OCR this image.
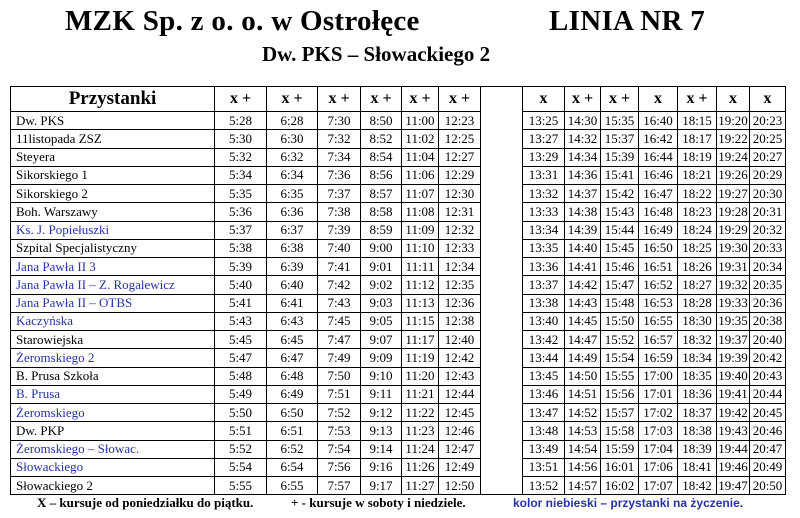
MZK Sp. z o. o. w Ostrołęce	LINIA NR 7
Dw. PKS – Słowackiego 2
Przystanki	x +	x +	x +	x +	x +	x +		x	x +	x +	x	x +	x	x
Dw. PKS	5:28	6:28	7:30	8:50	11:00	12:23		13:25	14:30	15:35	16:40	18:15	19:20	20:23
11listopada ZSZ	5:30	6:30	7:32	8:52	11:02	12:25		13:27	14:32	15:37	16:42	18:17	19:22	20:25
Steyera	5:32	6:32	7:34	8:54	11:04	12:27		13:29	14:34	15:39	16:44	18:19	19:24	20:27
Sikorskiego 1	5:34	6:34	7:36	8:56	11:06	12:29		13:31	14:36	15:41	16:46	18:21	19:26	20:29
Sikorskiego 2	5:35	6:35	7:37	8:57	11:07	12:30		13:32	14:37	15:42	16:47	18:22	19:27	20:30
Boh. Warszawy	5:36	6:36	7:38	8:58	11:08	12:31		13:33	14:38	15:43	16:48	18:23	19:28	20:31
Ks. J. Popiełuszki	5:37	6:37	7:39	8:59	11:09	12:32		13:34	14:39	15:44	16:49	18:24	19:29	20:32
Szpital Specjalistyczny	5:38	6:38	7:40	9:00	11:10	12:33		13:35	14:40	15:45	16:50	18:25	19:30	20:33
Jana Pawła II 3	5:39	6:39	7:41	9:01	11:11	12:34		13:36	14:41	15:46	16:51	18:26	19:31	20:34
Jana Pawła II – Z. Rogalewicz	5:40	6:40	7:42	9:02	11:12	12:35		13:37	14:42	15:47	16:52	18:27	19:32	20:35
Jana Pawła II – OTBS	5:41	6:41	7:43	9:03	11:13	12:36		13:38	14:43	15:48	16:53	18:28	19:33	20:36
Kaczyńska	5:43	6:43	7:45	9:05	11:15	12:38		13:40	14:45	15:50	16:55	18:30	19:35	20:38
Starowiejska	5:45	6:45	7:47	9:07	11:17	12:40		13:42	14:47	15:52	16:57	18:32	19:37	20:40
Żeromskiego 2	5:47	6:47	7:49	9:09	11:19	12:42		13:44	14:49	15:54	16:59	18:34	19:39	20:42
B. Prusa Szkoła	5:48	6:48	7:50	9:10	11:20	12:43		13:45	14:50	15:55	17:00	18:35	19:40	20:43
B. Prusa	5:49	6:49	7:51	9:11	11:21	12:44		13:46	14:51	15:56	17:01	18:36	19:41	20:44
Żeromskiego	5:50	6:50	7:52	9:12	11:22	12:45		13:47	14:52	15:57	17:02	18:37	19:42	20:45
Dw. PKP	5:51	6:51	7:53	9:13	11:23	12:46		13:48	14:53	15:58	17:03	18:38	19:43	20:46
Żeromskiego – Słowac.	5:52	6:52	7:54	9:14	11:24	12:47		13:49	14:54	15:59	17:04	18:39	19:44	20:47
Słowackiego	5:54	6:54	7:56	9:16	11:26	12:49		13:51	14:56	16:01	17:06	18:41	19:46	20:49
Słowackiego 2	5:55	6:55	7:57	9:17	11:27	12:50		13:52	14:57	16:02	17:07	18:42	19:47	20:50
X – kursuje od poniedziałku do piątku.	+ - kursuje w soboty i niedziele.	kolor niebieski – przystanki na życzenie.
